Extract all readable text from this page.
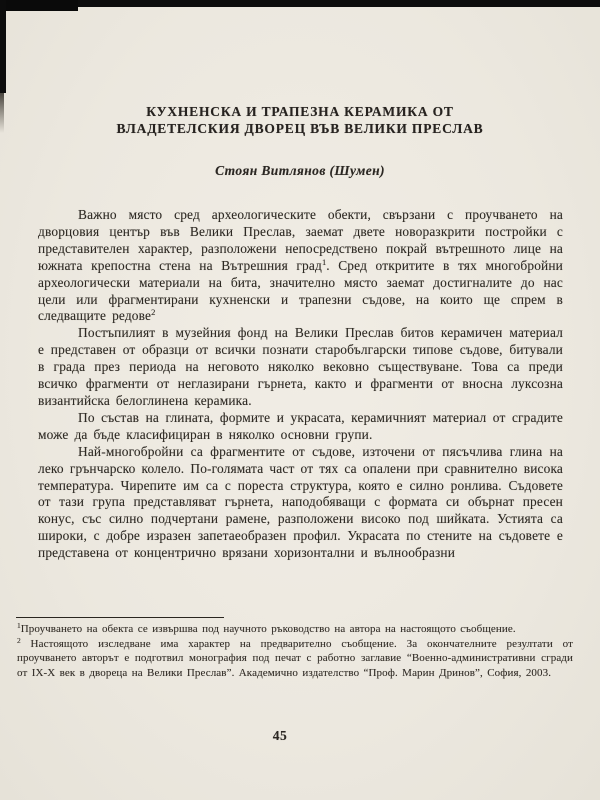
КУХНЕНСКА И ТРАПЕЗНА КЕРАМИКА ОТ
ВЛАДЕТЕЛСКИЯ ДВОРЕЦ ВЪВ ВЕЛИКИ ПРЕСЛАВ
Стоян Витлянов (Шумен)

Важно място сред археологическите обекти, свързани с проучването на дворцовия център във Велики Преслав, заемат двете новоразкрити постройки с представителен характер, разположени непосредствено покрай вътрешното лице на южната крепостна стена на Вътрешния град$^1$. Сред откритите в тях многобройни археологически материали на бита, значително място заемат достигналите до нас цели или фрагментирани кухненски и трапезни съдове, на които ще спрем в следващите редове$^2$

Постъпилият в музейния фонд на Велики Преслав битов керамичен материал е представен от образци от всички познати старобългарски типове съдове, битували в града през периода на неговото няколко вековно съществуване. Това са преди всичко фрагменти от неглазирани гърнета, както и фрагменти от вносна луксозна византийска белоглинена керамика.

По състав на глината, формите и украсата, керамичният материал от сградите може да бъде класифициран в няколко основни групи.

Най-многобройни са фрагментите от съдове, източени от пясъчлива глина на леко грънчарско колело. По-голямата част от тях са опалени при сравнително висока температура. Чирепите им са с пореста структура, която е силно ронлива. Съдовете от тази група представляват гърнета, наподобяващи с формата си обърнат пресен конус, със силно подчертани рамене, разположени високо под шийката. Устията са широки, с добре изразен запетаеобразен профил. Украсата по стените на съдовете е представена от концентрично врязани хоризонтални и вълнообразни

$^1$Проучването на обекта се извършва под научното ръководство на автора на настоящото съобщение.

$^2$ Настоящото изследване има характер на предварително съобщение. За окончателните резултати от проучването авторът е подготвил монография под печат с работно заглавие “Военно-административни сгради от IX-X век в двореца на Велики Преслав”. Академично издателство “Проф. Марин Дринов”, София, 2003.

45
